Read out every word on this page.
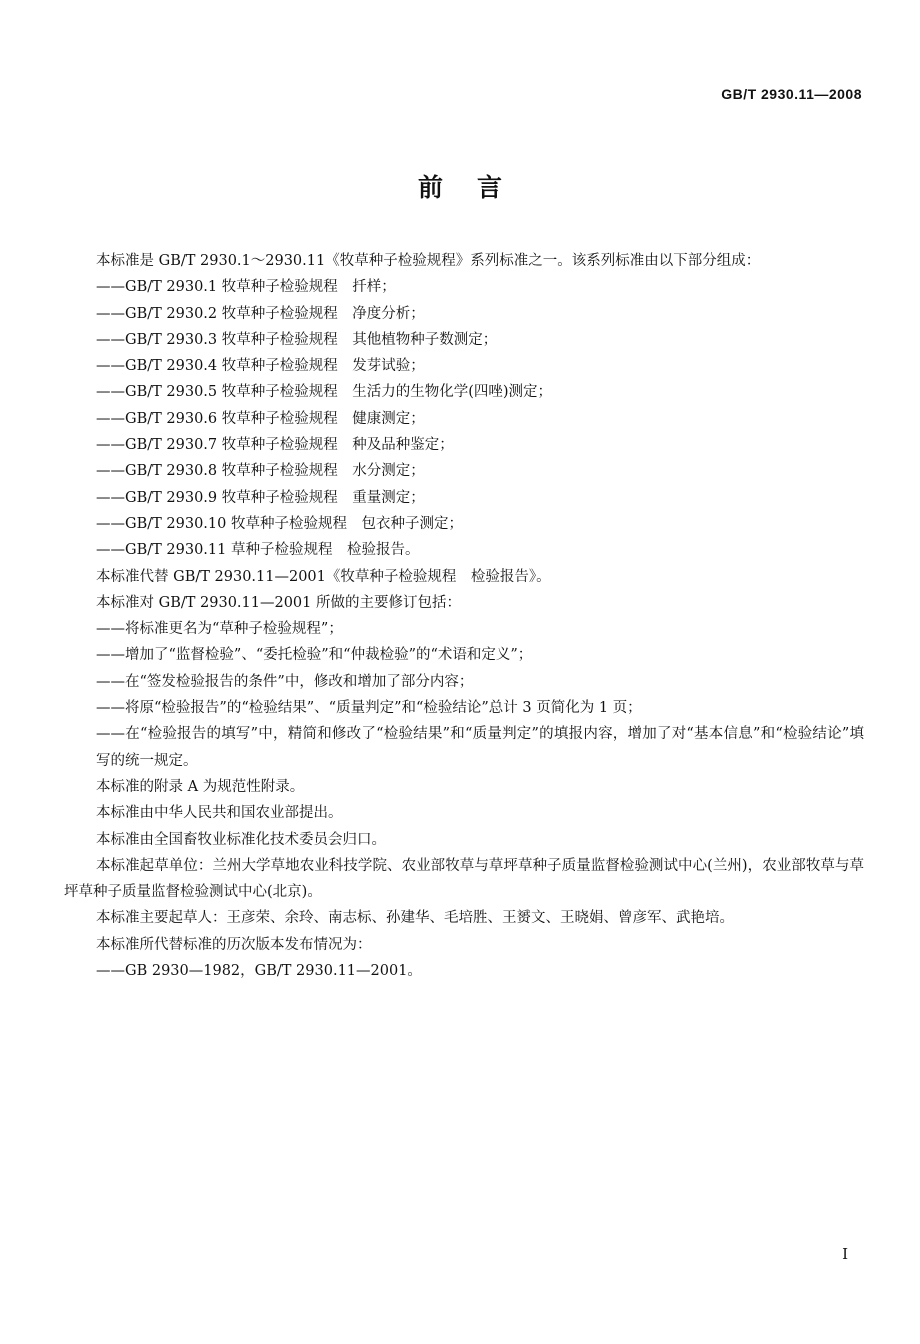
GB/T 2930.11—2008
前言

本标准是 GB/T 2930.1～2930.11《牧草种子检验规程》系列标准之一。该系列标准由以下部分组成：

——GB/T 2930.1 牧草种子检验规程　扦样；

——GB/T 2930.2 牧草种子检验规程　净度分析；

——GB/T 2930.3 牧草种子检验规程　其他植物种子数测定；

——GB/T 2930.4 牧草种子检验规程　发芽试验；

——GB/T 2930.5 牧草种子检验规程　生活力的生物化学(四唑)测定；

——GB/T 2930.6 牧草种子检验规程　健康测定；

——GB/T 2930.7 牧草种子检验规程　种及品种鉴定；

——GB/T 2930.8 牧草种子检验规程　水分测定；

——GB/T 2930.9 牧草种子检验规程　重量测定；

——GB/T 2930.10 牧草种子检验规程　包衣种子测定；

——GB/T 2930.11 草种子检验规程　检验报告。

本标准代替 GB/T 2930.11—2001《牧草种子检验规程　检验报告》。

本标准对 GB/T 2930.11—2001 所做的主要修订包括：

——将标准更名为“草种子检验规程”；

——增加了“监督检验”、“委托检验”和“仲裁检验”的“术语和定义”；

——在“签发检验报告的条件”中，修改和增加了部分内容；

——将原“检验报告”的“检验结果”、“质量判定”和“检验结论”总计 3 页简化为 1 页；

——在“检验报告的填写”中，精简和修改了“检验结果”和“质量判定”的填报内容，增加了对“基本信息”和“检验结论”填写的统一规定。

本标准的附录 A 为规范性附录。

本标准由中华人民共和国农业部提出。

本标准由全国畜牧业标准化技术委员会归口。

本标准起草单位：兰州大学草地农业科技学院、农业部牧草与草坪草种子质量监督检验测试中心(兰州)，农业部牧草与草坪草种子质量监督检验测试中心(北京)。

本标准主要起草人：王彦荣、余玲、南志标、孙建华、毛培胜、王赟文、王晓娟、曾彦军、武艳培。

本标准所代替标准的历次版本发布情况为：

——GB 2930—1982，GB/T 2930.11—2001。

I
